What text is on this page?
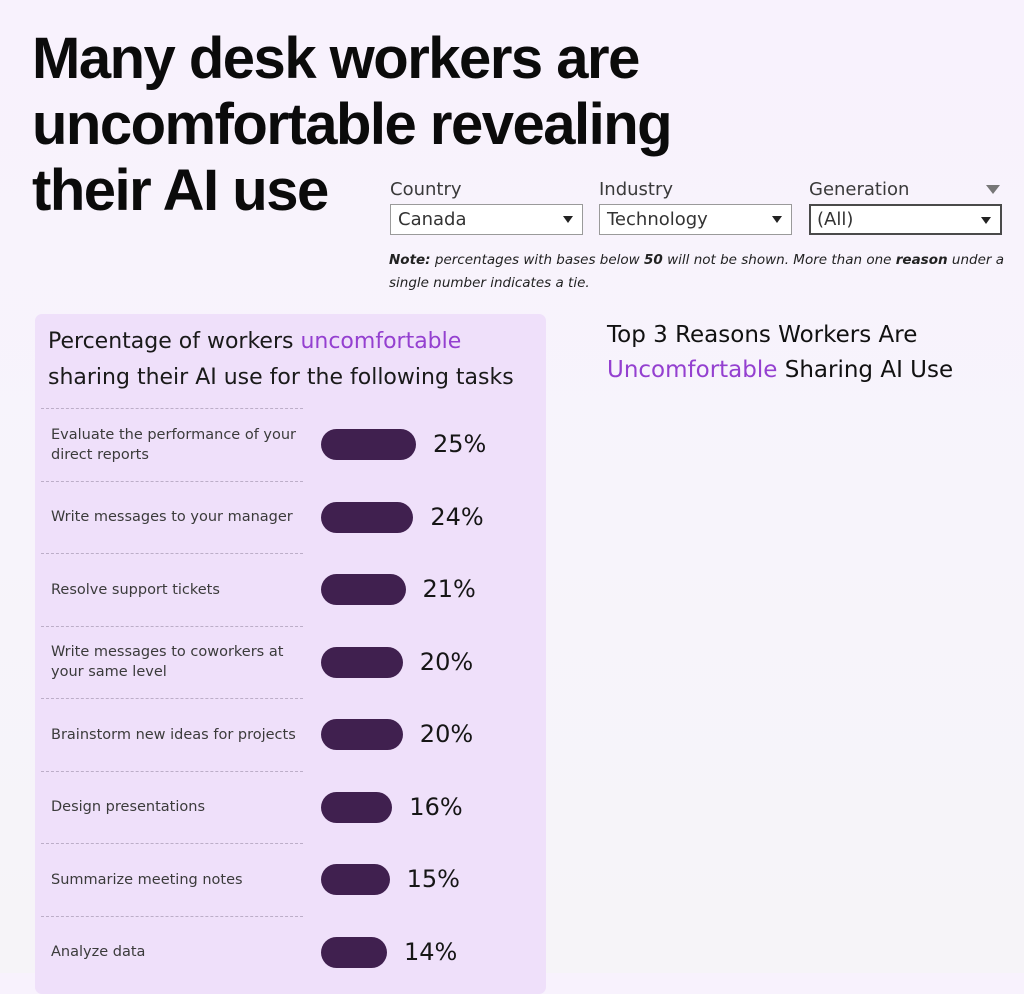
Many desk workers are uncomfortable revealing their AI use	Country
Canada
Industry
Technology
Generation
(All)

Note: percentages with bases below 50 will not be shown. More than one reason under a single number indicates a tie.

Percentage of workers uncomfortable sharing their AI use for the following tasks

Evaluate the performance of your direct reports	25%
Write messages to your manager	24%
Resolve support tickets	21%
Write messages to coworkers at your same level	20%
Brainstorm new ideas for projects	20%
Design presentations	16%
Summarize meeting notes	15%
Analyze data	14%

Top 3 Reasons Workers Are
Uncomfortable Sharing AI Use
